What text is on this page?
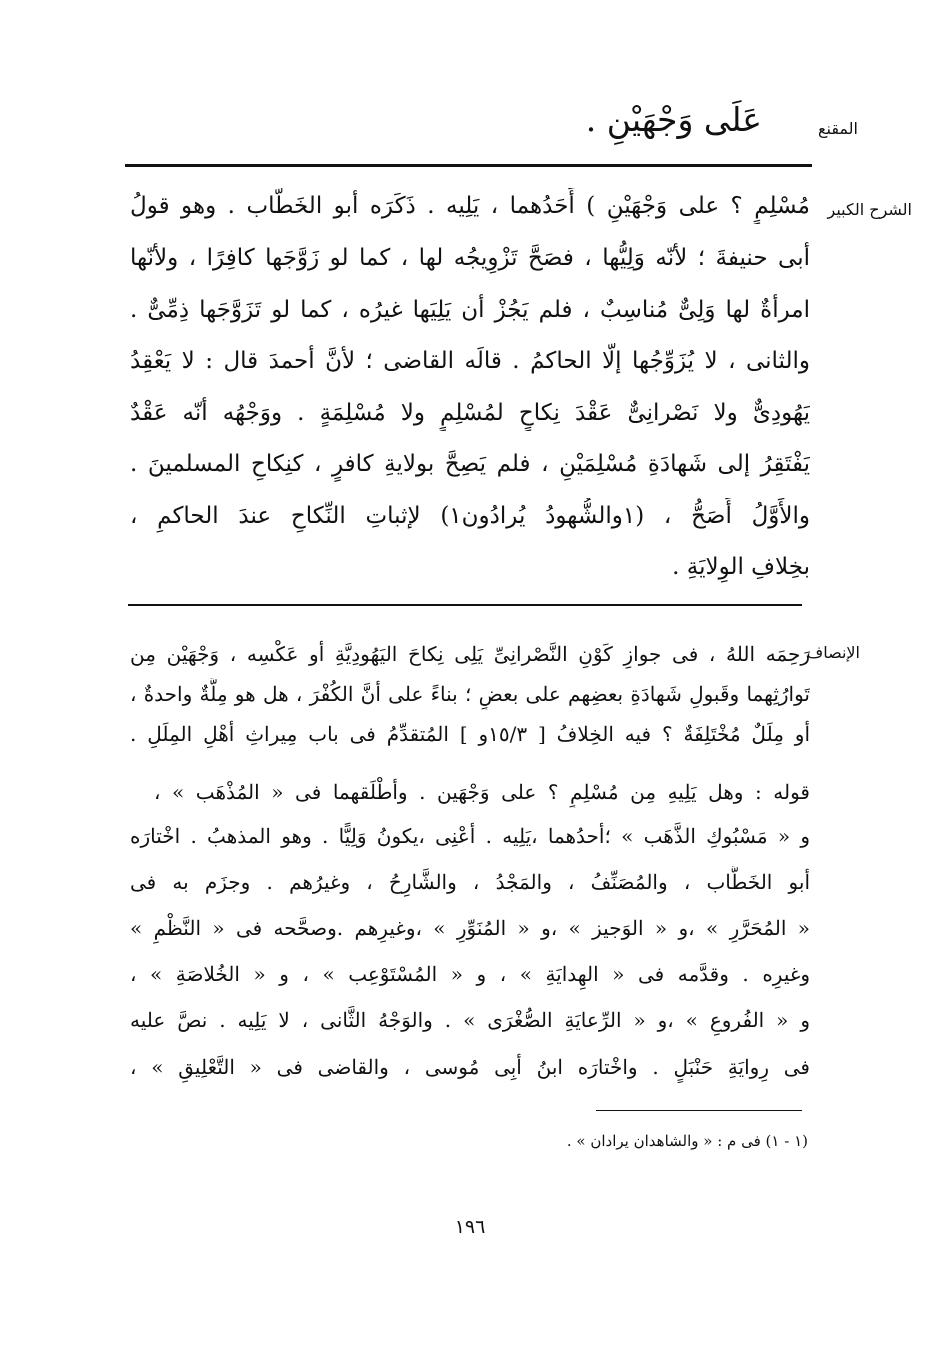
المقنع
عَلَى وَجْهَيْنِ .
الشرح الكبير
مُسْلِمٍ ؟ على وَجْهَيْنِ ) أَحَدُهما ، يَلِيه . ذَكَرَه أبو الخَطَّاب . وهو قولُ
أبى حنيفةَ ؛ لأنّه وَلِيُّها ، فصَحَّ تَزْوِيجُه لها ، كما لو زَوَّجَها كافِرًا ، ولأنّها
امرأةٌ لها وَلِىٌّ مُناسِبٌ ، فلم يَجُزْ أن يَلِيَها غيرُه ، كما لو تَزَوَّجَها ذِمِّىٌّ .
والثانى ، لا يُزَوِّجُها إلَّا الحاكمُ . قالَه القاضى ؛ لأنَّ أحمدَ قال : لا يَعْقِدُ
يَهُودِىٌّ ولا نَصْرانِىٌّ عَقْدَ نِكاحٍ لمُسْلِمٍ ولا مُسْلِمَةٍ . ووَجْهُه أنّه عَقْدٌ
يَفْتَقِرُ إلى شَهادَةِ مُسْلِمَيْنِ ، فلم يَصِحَّ بولايةِ كافرٍ ، كنِكاحِ المسلمينَ .
والأَوَّلُ أَصَحُّ ، (١والشُّهودُ يُرادُون١) لإثباتِ النِّكاحِ عندَ الحاكمِ ،
بخِلافِ الوِلايَةِ .
الإنصاف
رَحِمَه اللهُ ، فى جوازِ كَوْنِ النَّصْرانِىِّ يَلِى نِكاحَ اليَهُودِيَّةِ أو عَكْسِه ، وَجْهَيْن مِن
تَوارُثِهما وقَبولِ شَهادَةِ بعضِهم على بعضٍ ؛ بناءً على أنَّ الكُفْرَ ، هل هو مِلَّةٌ واحدةٌ ،
أو مِلَلٌ مُخْتَلِفَةٌ ؟ فيه الخِلافُ [ ١٥/٣و ] المُتقدِّمُ فى باب مِيراثِ أهْلِ المِلَلِ .
قوله : وهل يَلِيهِ مِن مُسْلِمٍ ؟ على وَجْهَين . وأطْلَقهما فى « المُذْهَب » ،
و « مَسْبُوكِ الذَّهَب » ؛أحدُهما ،يَلِيه . أعْنِى ،يكونُ وَلِيًّا . وهو المذهبُ . اخْتارَه
أبو الخَطَّاب ، والمُصَنِّفُ ، والمَجْدُ ، والشَّارِحُ ، وغيرُهم . وجزَم به فى
« المُحَرَّرِ » ،و « الوَجيز » ،و « المُنَوِّرِ » ،وغيرِهم .وصحَّحه فى « النَّظْمِ »
وغيرِه . وقدَّمه فى « الهِدايَةِ » ، و « المُسْتَوْعِب » ، و « الخُلاصَةِ » ،
و « الفُروعِ » ،و « الرِّعايَةِ الصُّغْرَى » . والوَجْهُ الثَّانى ، لا يَلِيه . نصَّ عليه
فى رِوايَةِ حَنْبَلٍ . واخْتارَه ابنُ أبِى مُوسى ، والقاضى فى « التَّعْلِيقِ » ،
(١ - ١) فى م : « والشاهدان يرادان » .
١٩٦
